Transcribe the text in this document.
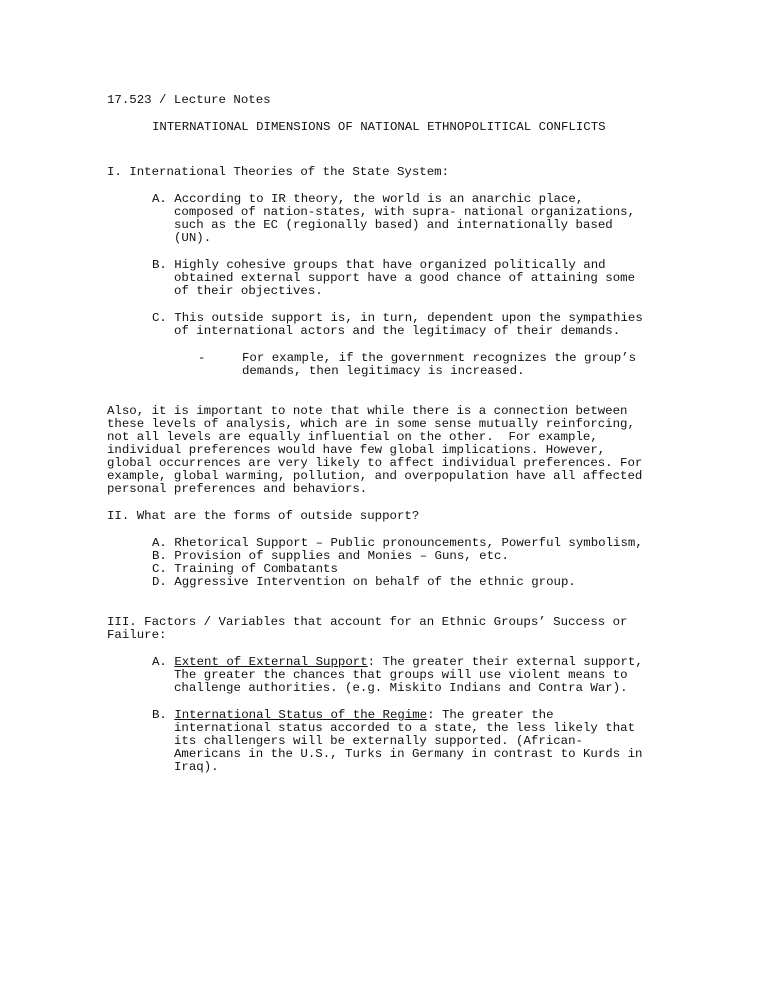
17.523 / Lecture Notes
INTERNATIONAL DIMENSIONS OF NATIONAL ETHNOPOLITICAL CONFLICTS
I. International Theories of the State System:
A. According to IR theory, the world is an anarchic place,
composed of nation-states, with supra- national organizations,
such as the EC (regionally based) and internationally based
(UN).
B. Highly cohesive groups that have organized politically and
obtained external support have a good chance of attaining some
of their objectives.
C. This outside support is, in turn, dependent upon the sympathies
of international actors and the legitimacy of their demands.
-	For example, if the government recognizes the group’s
demands, then legitimacy is increased.
Also, it is important to note that while there is a connection between
these levels of analysis, which are in some sense mutually reinforcing,
not all levels are equally influential on the other.  For example,
individual preferences would have few global implications. However,
global occurrences are very likely to affect individual preferences. For
example, global warming, pollution, and overpopulation have all affected
personal preferences and behaviors.
II. What are the forms of outside support?
A. Rhetorical Support – Public pronouncements, Powerful symbolism,
B. Provision of supplies and Monies – Guns, etc.
C. Training of Combatants
D. Aggressive Intervention on behalf of the ethnic group.
III. Factors / Variables that account for an Ethnic Groups’ Success or
Failure:
A. Extent of External Support: The greater their external support,
The greater the chances that groups will use violent means to
challenge authorities. (e.g. Miskito Indians and Contra War).
B. International Status of the Regime: The greater the
international status accorded to a state, the less likely that
its challengers will be externally supported. (African-
Americans in the U.S., Turks in Germany in contrast to Kurds in
Iraq).
